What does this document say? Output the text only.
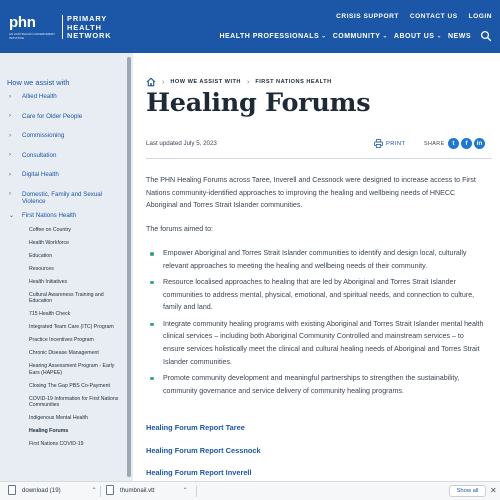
phn
AN AUSTRALIAN GOVERNMENT INITIATIVE
PRIMARY
HEALTH
NETWORK
CRISIS SUPPORT CONTACT US LOGIN
HEALTH PROFESSIONALS ⌄ COMMUNITY ⌄ ABOUT US ⌄ NEWS
How we assist with
›	Allied Health
›	Care for Older People
›	Commissioning
›	Consultation
›	Digital Health
›	Domestic, Family and Sexual Violence
⌄	First Nations Health
Coffee on Country
Health Workforce
Education
Resources
Health Initiatives
Cultural Awareness Training and Education
715 Health Check
Integrated Team Care (ITC) Program
Practice Incentives Program
Chronic Disease Management
Hearing Assessment Program - Early Ears (HAPEE)
Closing The Gap PBS Co-Payment
COVID-19 Information for First Nations Communities
Indigenous Mental Health
Healing Forums
First Nations COVID-19
› HOW WE ASSIST WITH › FIRST NATIONS HEALTH
Healing Forums
Last updated July 5, 2023	PRINT	SHARE	t	f	in

The PHN Healing Forums across Taree, Inverell and Cessnock were designed to increase access to First Nations community-identified approaches to improving the healing and wellbeing needs of HNECC Aboriginal and Torres Strait Islander communities.

The forums aimed to:

Empower Aboriginal and Torres Strait Islander communities to identify and design local, culturally relevant approaches to meeting the healing and wellbeing needs of their community.
Resource localised approaches to healing that are led by Aboriginal and Torres Strait Islander communities to address mental, physical, emotional, and spiritual needs, and connection to culture, family and land.
Integrate community healing programs with existing Aboriginal and Torres Strait Islander mental health clinical services – including both Aboriginal Community Controlled and mainstream services – to ensure services holistically meet the clinical and cultural healing needs of Aboriginal and Torres Strait Islander communities.
Promote community development and meaningful partnerships to strengthen the sustainability, community governance and service delivery of community healing programs.
Healing Forum Report Taree
Healing Forum Report Cessnock
Healing Forum Report Inverell
download (19)	⌃	thumbnail.vtt	⌃	Show all	✕
